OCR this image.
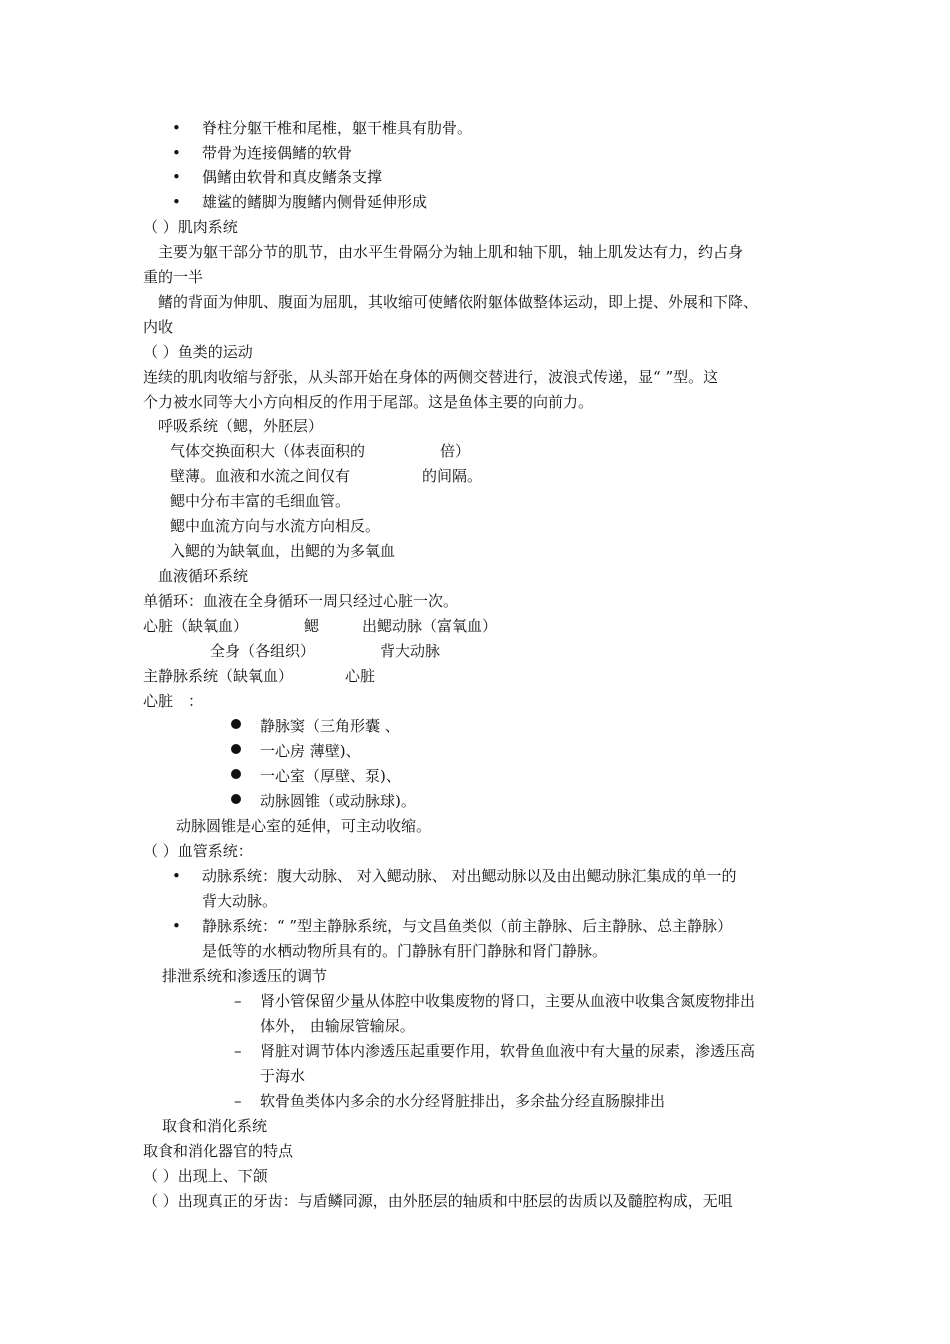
• 脊柱分躯干椎和尾椎，躯干椎具有肋骨。
• 带骨为连接偶鳍的软骨
• 偶鳍由软骨和真皮鳍条支撑
• 雄鲨的鳍脚为腹鳍内侧骨延伸形成
（ ）肌肉系统
主要为躯干部分节的肌节，由水平生骨隔分为轴上肌和轴下肌，轴上肌发达有力，约占身
重的一半
鳍的背面为伸肌、腹面为屈肌，其收缩可使鳍依附躯体做整体运动，即上提、外展和下降、
内收
（ ）鱼类的运动
连续的肌肉收缩与舒张，从头部开始在身体的两侧交替进行，波浪式传递，显“ ”型。这
个力被水同等大小方向相反的作用于尾部。这是鱼体主要的向前力。
呼吸系统（鳃，外胚层）
气体交换面积大（体表面积的	倍）
壁薄。血液和水流之间仅有	的间隔。
鳃中分布丰富的毛细血管。
鳃中血流方向与水流方向相反。
入鳃的为缺氧血，出鳃的为多氧血
血液循环系统
单循环：血液在全身循环一周只经过心脏一次。
心脏（缺氧血）	鳃	出鳃动脉（富氧血）
全身（各组织）	背大动脉
主静脉系统（缺氧血）	心脏
心脏　：
静脉窦（三角形囊 、
一心房 薄壁)、
一心室（厚壁、泵)、
动脉圆锥（或动脉球)。
动脉圆锥是心室的延伸，可主动收缩。
（ ）血管系统：
• 动脉系统：腹大动脉、 对入鳃动脉、 对出鳃动脉以及由出鳃动脉汇集成的单一的
背大动脉。
• 静脉系统：“ ”型主静脉系统，与文昌鱼类似（前主静脉、后主静脉、总主静脉）
是低等的水栖动物所具有的。门静脉有肝门静脉和肾门静脉。
排泄系统和渗透压的调节
– 肾小管保留少量从体腔中收集废物的肾口，主要从血液中收集含氮废物排出
体外， 由输尿管输尿。
– 肾脏对调节体内渗透压起重要作用，软骨鱼血液中有大量的尿素，渗透压高
于海水
– 软骨鱼类体内多余的水分经肾脏排出，多余盐分经直肠腺排出
取食和消化系统
取食和消化器官的特点
（ ）出现上、下颌
（ ）出现真正的牙齿：与盾鳞同源，由外胚层的轴质和中胚层的齿质以及髓腔构成，无咀
